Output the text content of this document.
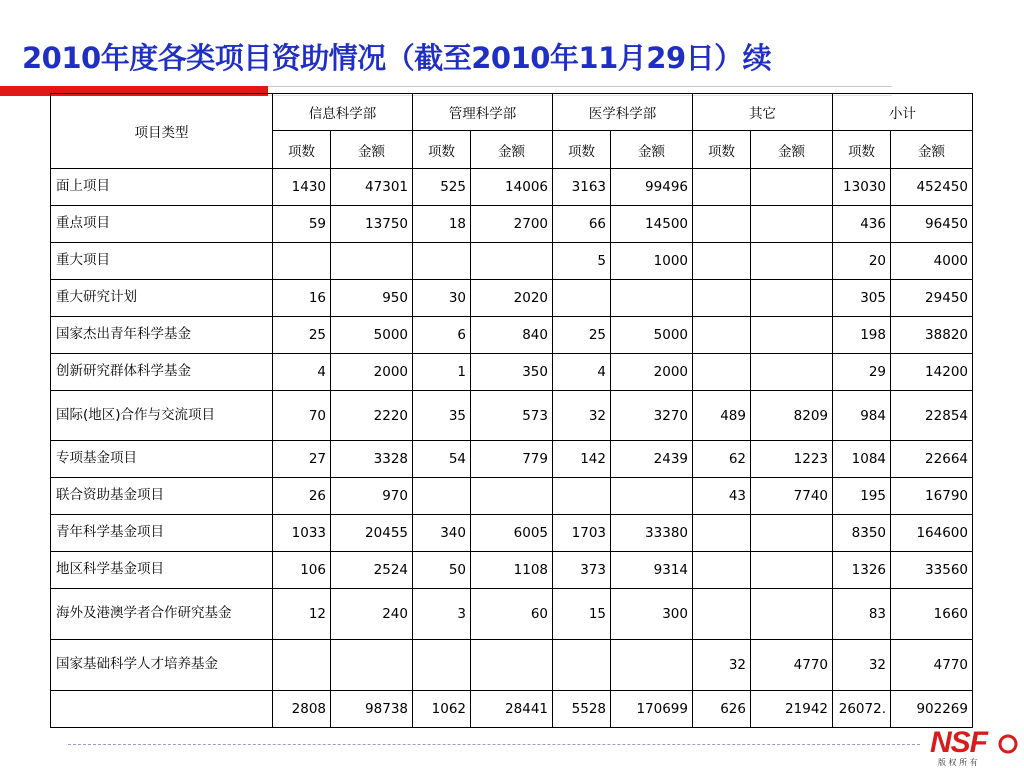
2010年度各类项目资助情况（截至2010年11月29日）续
项目类型	信息科学部		管理科学部		医学科学部		其它		小计	
	项数	金额	项数	金额	项数	金额	项数	金额	项数	金额
面上项目	1430	47301	525	14006	3163	99496			13030	452450
重点项目	59	13750	18	2700	66	14500			436	96450
重大项目					5	1000			20	4000
重大研究计划	16	950	30	2020					305	29450
国家杰出青年科学基金	25	5000	6	840	25	5000			198	38820
创新研究群体科学基金	4	2000	1	350	4	2000			29	14200
国际(地区)合作与交流项目	70	2220	35	573	32	3270	489	8209	984	22854
专项基金项目	27	3328	54	779	142	2439	62	1223	1084	22664
联合资助基金项目	26	970					43	7740	195	16790
青年科学基金项目	1033	20455	340	6005	1703	33380			8350	164600
地区科学基金项目	106	2524	50	1108	373	9314			1326	33560
海外及港澳学者合作研究基金	12	240	3	60	15	300			83	1660
国家基础科学人才培养基金							32	4770	32	4770
	2808	98738	1062	28441	5528	170699	626	21942	26072.	902269
NSF
版 权 所 有
